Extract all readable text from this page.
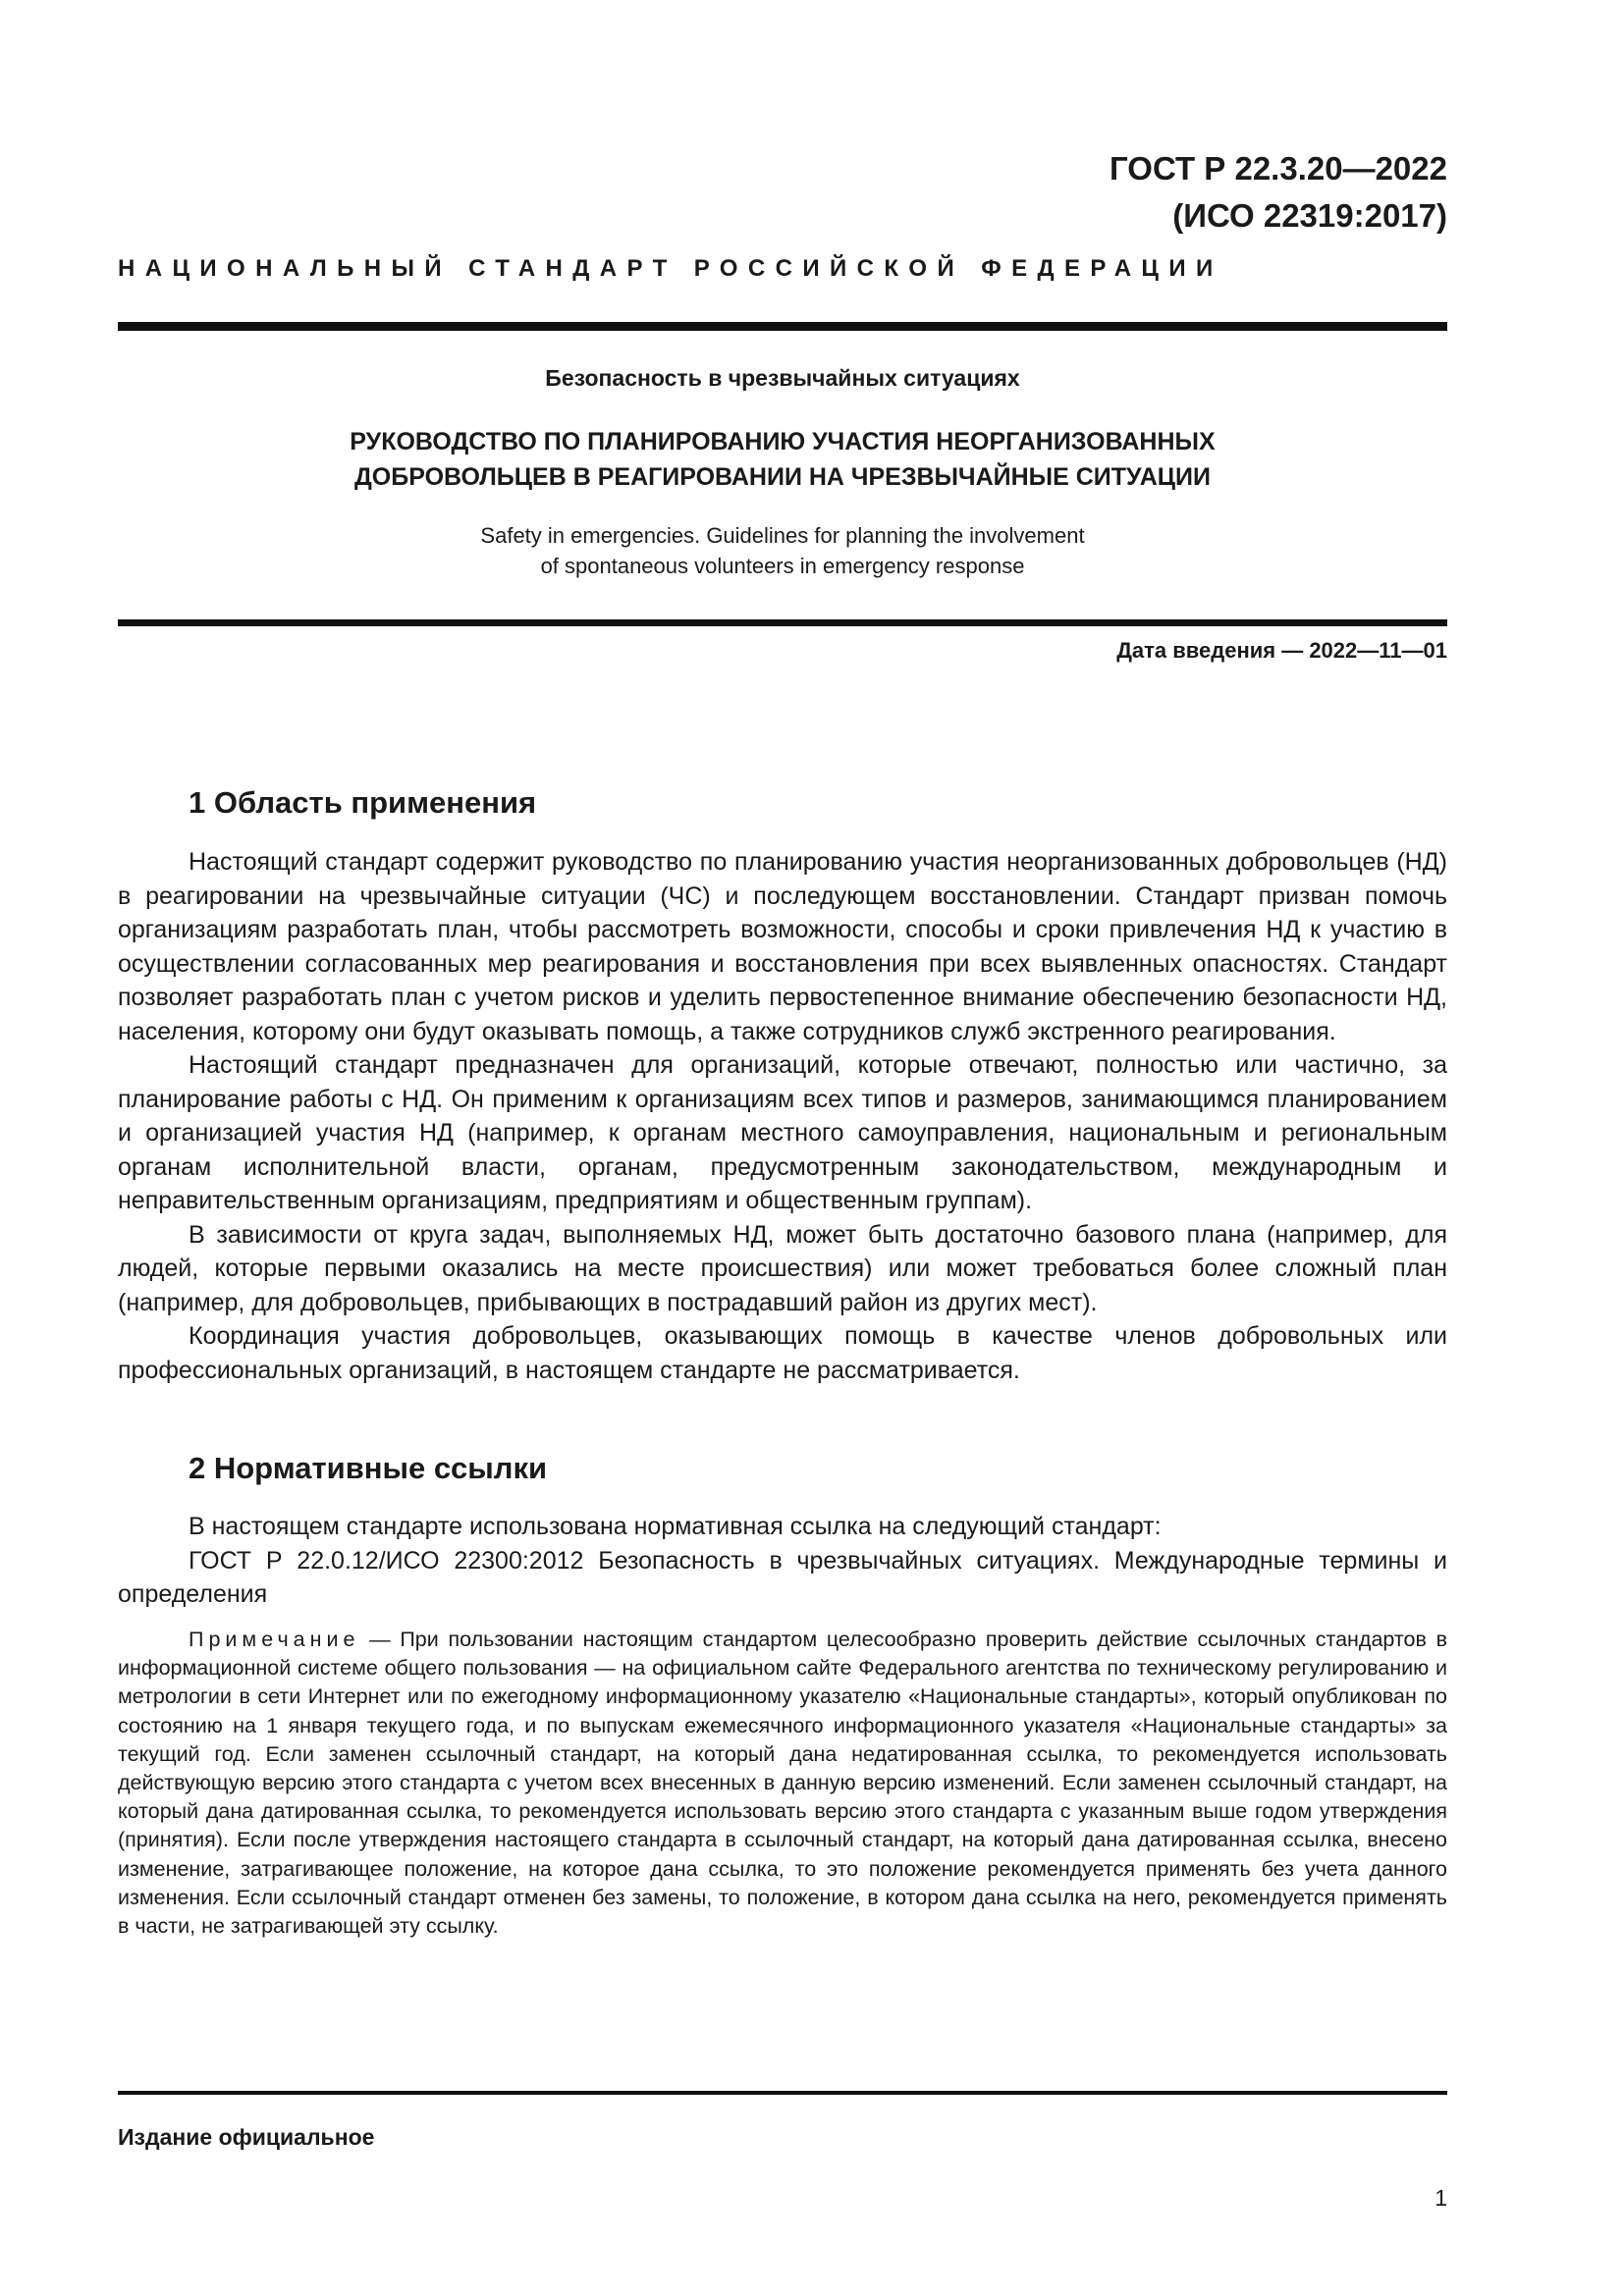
ГОСТ Р 22.3.20—2022
(ИСО 22319:2017)
НАЦИОНАЛЬНЫЙ СТАНДАРТ РОССИЙСКОЙ ФЕДЕРАЦИИ
Безопасность в чрезвычайных ситуациях
РУКОВОДСТВО ПО ПЛАНИРОВАНИЮ УЧАСТИЯ НЕОРГАНИЗОВАННЫХ
ДОБРОВОЛЬЦЕВ В РЕАГИРОВАНИИ НА ЧРЕЗВЫЧАЙНЫЕ СИТУАЦИИ
Safety in emergencies. Guidelines for planning the involvement
of spontaneous volunteers in emergency response
Дата введения — 2022—11—01
1 Область применения

Настоящий стандарт содержит руководство по планированию участия неорганизованных добровольцев (НД) в реагировании на чрезвычайные ситуации (ЧС) и последующем восстановлении. Стандарт призван помочь организациям разработать план, чтобы рассмотреть возможности, способы и сроки привлечения НД к участию в осуществлении согласованных мер реагирования и восстановления при всех выявленных опасностях. Стандарт позволяет разработать план с учетом рисков и уделить первостепенное внимание обеспечению безопасности НД, населения, которому они будут оказывать помощь, а также сотрудников служб экстренного реагирования.

Настоящий стандарт предназначен для организаций, которые отвечают, полностью или частично, за планирование работы с НД. Он применим к организациям всех типов и размеров, занимающимся планированием и организацией участия НД (например, к органам местного самоуправления, национальным и региональным органам исполнительной власти, органам, предусмотренным законодательством, международным и неправительственным организациям, предприятиям и общественным группам).

В зависимости от круга задач, выполняемых НД, может быть достаточно базового плана (например, для людей, которые первыми оказались на месте происшествия) или может требоваться более сложный план (например, для добровольцев, прибывающих в пострадавший район из других мест).

Координация участия добровольцев, оказывающих помощь в качестве членов добровольных или профессиональных организаций, в настоящем стандарте не рассматривается.

2 Нормативные ссылки

В настоящем стандарте использована нормативная ссылка на следующий стандарт:

ГОСТ Р 22.0.12/ИСО 22300:2012 Безопасность в чрезвычайных ситуациях. Международные термины и определения

Примечание — При пользовании настоящим стандартом целесообразно проверить действие ссылочных стандартов в информационной системе общего пользования — на официальном сайте Федерального агентства по техническому регулированию и метрологии в сети Интернет или по ежегодному информационному указателю «Национальные стандарты», который опубликован по состоянию на 1 января текущего года, и по выпускам ежемесячного информационного указателя «Национальные стандарты» за текущий год. Если заменен ссылочный стандарт, на который дана недатированная ссылка, то рекомендуется использовать действующую версию этого стандарта с учетом всех внесенных в данную версию изменений. Если заменен ссылочный стандарт, на который дана датированная ссылка, то рекомендуется использовать версию этого стандарта с указанным выше годом утверждения (принятия). Если после утверждения настоящего стандарта в ссылочный стандарт, на который дана датированная ссылка, внесено изменение, затрагивающее положение, на которое дана ссылка, то это положение рекомендуется применять без учета данного изменения. Если ссылочный стандарт отменен без замены, то положение, в котором дана ссылка на него, рекомендуется применять в части, не затрагивающей эту ссылку.

Издание официальное
1
